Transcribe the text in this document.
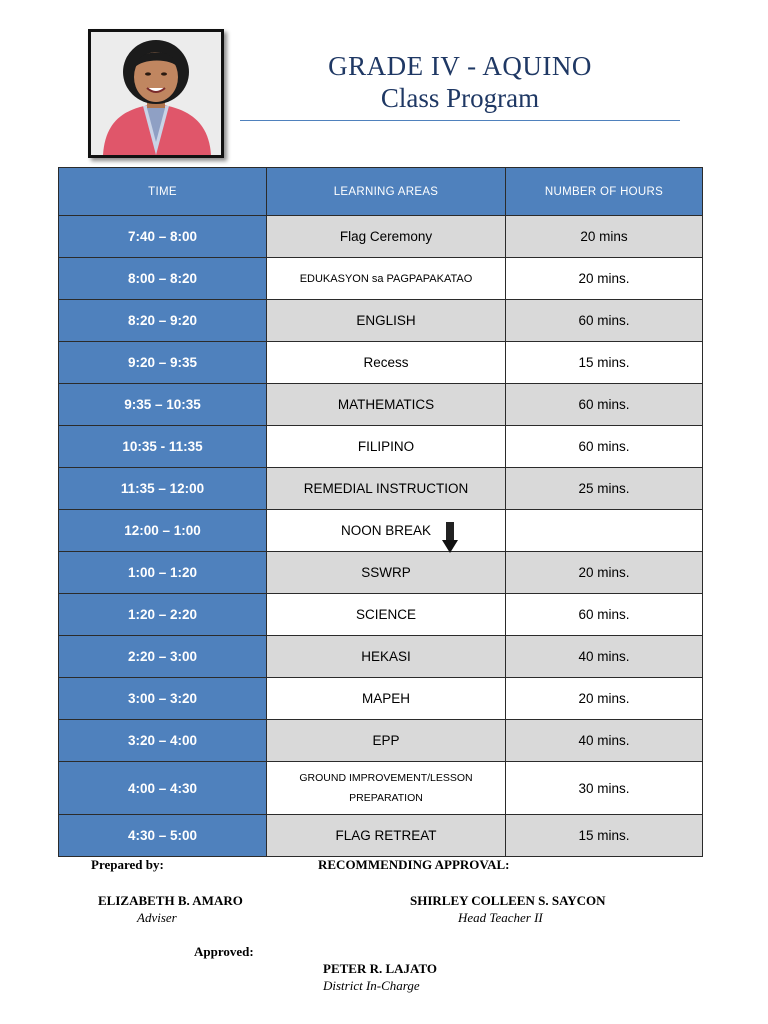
GRADE IV - AQUINO
Class Program
TIME	LEARNING AREAS	NUMBER OF HOURS
7:40 – 8:00	Flag Ceremony	20 mins
8:00 – 8:20	EDUKASYON sa PAGPAPAKATAO	20 mins.
8:20 – 9:20	ENGLISH	60 mins.
9:20 – 9:35	Recess	15 mins.
9:35 – 10:35	MATHEMATICS	60 mins.
10:35 - 11:35	FILIPINO	60 mins.
11:35 – 12:00	REMEDIAL INSTRUCTION	25 mins.
12:00 – 1:00	NOON BREAK

1:00 – 1:20	SSWRP	20 mins.
1:20 – 2:20	SCIENCE	60 mins.
2:20 – 3:00	HEKASI	40 mins.
3:00 – 3:20	MAPEH	20 mins.
3:20 – 4:00	EPP	40 mins.
4:00 – 4:30	GROUND IMPROVEMENT/LESSON PREPARATION	30 mins.
4:30 – 5:00	FLAG RETREAT	15 mins.
Prepared by:	RECOMMENDING APPROVAL:
ELIZABETH B. AMARO
Adviser
SHIRLEY COLLEEN S. SAYCON
Head Teacher II
Approved:
PETER R. LAJATO
District In-Charge
